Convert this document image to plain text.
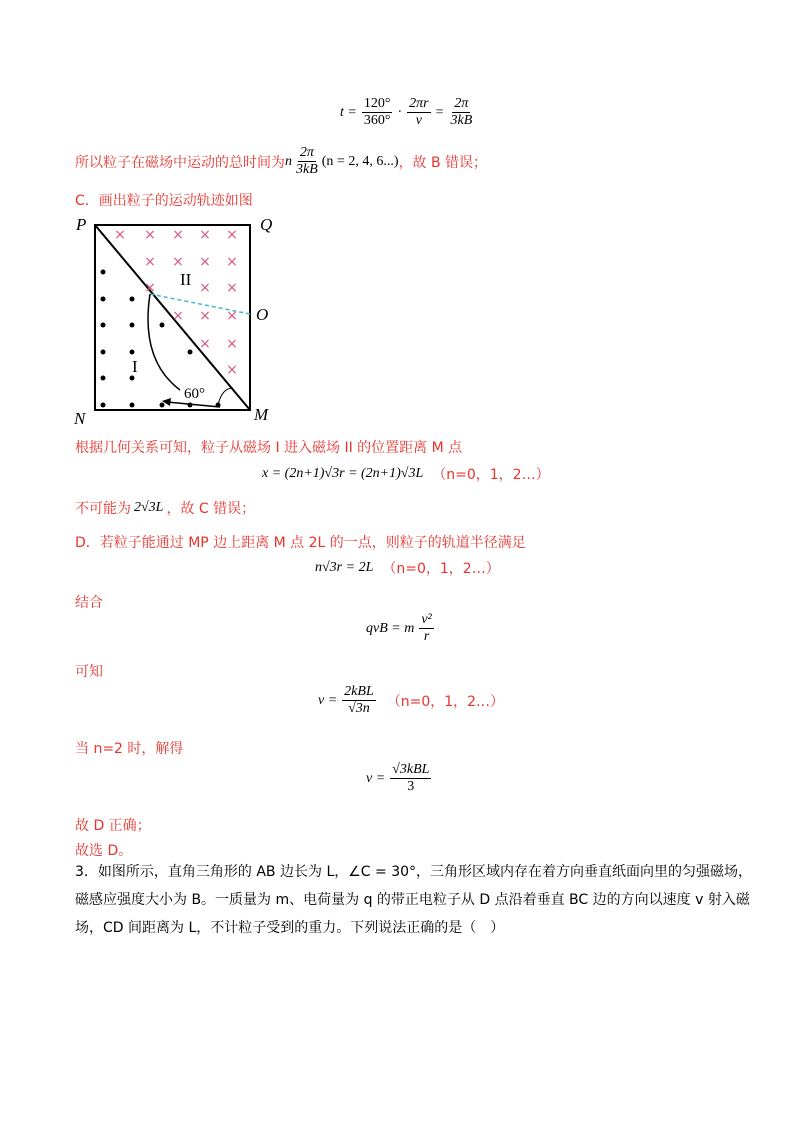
$t = \frac{120^\circ}{360^\circ} \cdot \frac{2\pi r}{v} = \frac{2\pi}{3kB}$
所以粒子在磁场中运动的总时间为 n $\frac{2\pi}{3kB} (n = 2$, 4, 6...) ，故 B 错误；
C．画出粒子的运动轨迹如图
× × × × ×
× × × ×
×	× ×
× × ×
× ×
×
P	Q
O
N	M
II
I
60°
根据几何关系可知，粒子从磁场 I 进入磁场 II 的位置距离 M 点
x = (2n+1)√3r = (2n+1)√3L （n=0，1，2…）
不可能为 2√3L ，故 C 错误；
D．若粒子能通过 MP 边上距离 M 点 2L 的一点，则粒子的轨道半径满足
n√3r = 2L （n=0，1，2…）
结合
qvB = m $\frac{\text{v²}}{r}$
可知
$v = \frac{\text{2kBL}}{√3n} (n=0$，1，2…）
当 n=2 时，解得
$v = \frac{\text{√3kBL}}{3}$
故 D 正确；
故选 D。
3．如图所示，直角三角形的 AB 边长为 L，∠C = 30°，三角形区域内存在着方向垂直纸面向里的匀强磁场，
磁感应强度大小为 B。一质量为 m、电荷量为 q 的带正电粒子从 D 点沿着垂直 BC 边的方向以速度 v 射入磁
场，CD 间距离为 L，不计粒子受到的重力。下列说法正确的是（　）
